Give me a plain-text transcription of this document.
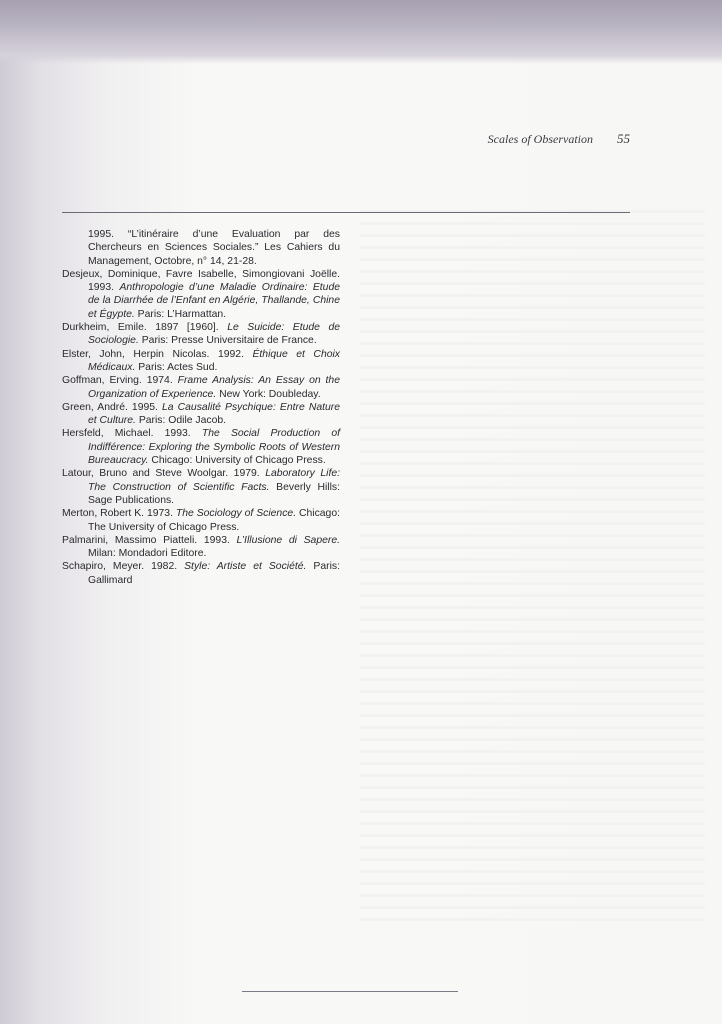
Scales of Observation 55
1995. “L’itinéraire d’une Evaluation par des Chercheurs en Sciences Sociales.” Les Cahiers du Management, Octobre, n° 14, 21-28.
Desjeux, Dominique, Favre Isabelle, Simongiovani Joëlle. 1993. Anthropologie d’une Maladie Ordinaire: Etude de la Diarrhée de l’Enfant en Algérie, Thallande, Chine et Égypte. Paris: L’Harmattan.
Durkheim, Emile. 1897 [1960]. Le Suicide: Etude de Sociologie. Paris: Presse Universitaire de France.
Elster, John, Herpin Nicolas. 1992. Éthique et Choix Médicaux. Paris: Actes Sud.
Goffman, Erving. 1974. Frame Analysis: An Essay on the Organization of Experience. New York: Doubleday.
Green, André. 1995. La Causalité Psychique: Entre Nature et Culture. Paris: Odile Jacob.
Hersfeld, Michael. 1993. The Social Production of Indifférence: Exploring the Symbolic Roots of Western Bureaucracy. Chicago: University of Chicago Press.
Latour, Bruno and Steve Woolgar. 1979. Laboratory Life: The Construction of Scientific Facts. Beverly Hills: Sage Publications.
Merton, Robert K. 1973. The Sociology of Science. Chicago: The University of Chicago Press.
Palmarini, Massimo Piatteli. 1993. L’Illusione di Sapere. Milan: Mondadori Editore.
Schapiro, Meyer. 1982. Style: Artiste et Société. Paris: Gallimard
